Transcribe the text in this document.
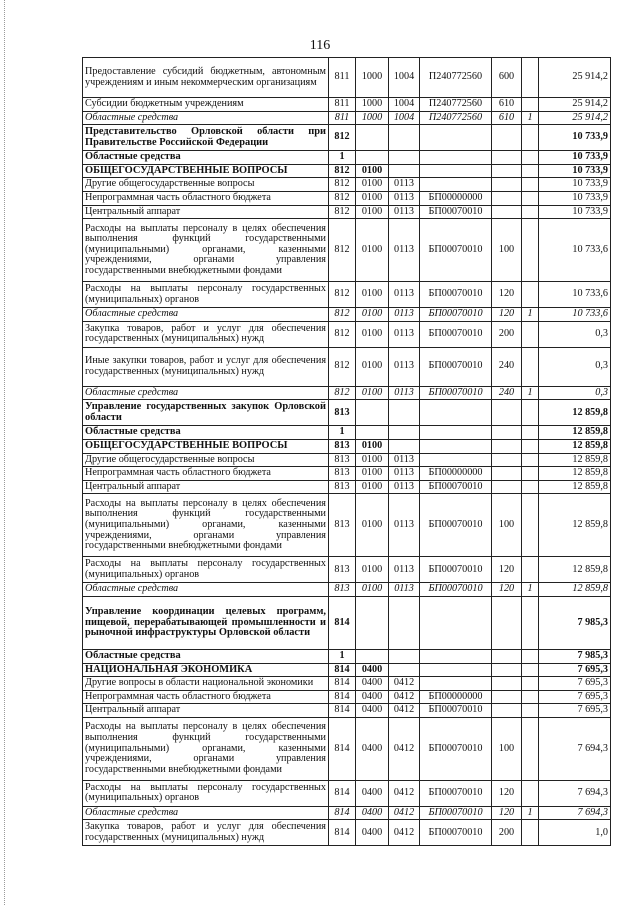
116
Предоставление субсидий бюджетным, автономным учреждениям и иным некоммерческим организациям	811	1000	1004	П240772560	600		25 914,2
Субсидии бюджетным учреждениям	811	1000	1004	П240772560	610		25 914,2
Областные средства	811	1000	1004	П240772560	610	1	25 914,2
Представительство Орловской области при Правительстве Российской Федерации	812						10 733,9
Областные средства	1						10 733,9
ОБЩЕГОСУДАРСТВЕННЫЕ ВОПРОСЫ	812	0100					10 733,9
Другие общегосударственные вопросы	812	0100	0113				10 733,9
Непрограммная часть областного бюджета	812	0100	0113	БП00000000			10 733,9
Центральный аппарат	812	0100	0113	БП00070010			10 733,9
Расходы на выплаты персоналу в целях обеспечения выполнения функций государственными (муниципальными) органами, казенными учреждениями, органами управления государственными внебюджетными фондами	812	0100	0113	БП00070010	100		10 733,6
Расходы на выплаты персоналу государственных (муниципальных) органов	812	0100	0113	БП00070010	120		10 733,6
Областные средства	812	0100	0113	БП00070010	120	1	10 733,6
Закупка товаров, работ и услуг для обеспечения государственных (муниципальных) нужд	812	0100	0113	БП00070010	200		0,3
Иные закупки товаров, работ и услуг для обеспечения государственных (муниципальных) нужд	812	0100	0113	БП00070010	240		0,3
Областные средства	812	0100	0113	БП00070010	240	1	0,3
Управление государственных закупок Орловской области	813						12 859,8
Областные средства	1						12 859,8
ОБЩЕГОСУДАРСТВЕННЫЕ ВОПРОСЫ	813	0100					12 859,8
Другие общегосударственные вопросы	813	0100	0113				12 859,8
Непрограммная часть областного бюджета	813	0100	0113	БП00000000			12 859,8
Центральный аппарат	813	0100	0113	БП00070010			12 859,8
Расходы на выплаты персоналу в целях обеспечения выполнения функций государственными (муниципальными) органами, казенными учреждениями, органами управления государственными внебюджетными фондами	813	0100	0113	БП00070010	100		12 859,8
Расходы на выплаты персоналу государственных (муниципальных) органов	813	0100	0113	БП00070010	120		12 859,8
Областные средства	813	0100	0113	БП00070010	120	1	12 859,8
Управление координации целевых программ, пищевой, перерабатывающей промышленности и рыночной инфраструктуры Орловской области	814						7 985,3
Областные средства	1						7 985,3
НАЦИОНАЛЬНАЯ ЭКОНОМИКА	814	0400					7 695,3
Другие вопросы в области национальной экономики	814	0400	0412				7 695,3
Непрограммная часть областного бюджета	814	0400	0412	БП00000000			7 695,3
Центральный аппарат	814	0400	0412	БП00070010			7 695,3
Расходы на выплаты персоналу в целях обеспечения выполнения функций государственными (муниципальными) органами, казенными учреждениями, органами управления государственными внебюджетными фондами	814	0400	0412	БП00070010	100		7 694,3
Расходы на выплаты персоналу государственных (муниципальных) органов	814	0400	0412	БП00070010	120		7 694,3
Областные средства	814	0400	0412	БП00070010	120	1	7 694,3
Закупка товаров, работ и услуг для обеспечения государственных (муниципальных) нужд	814	0400	0412	БП00070010	200		1,0
